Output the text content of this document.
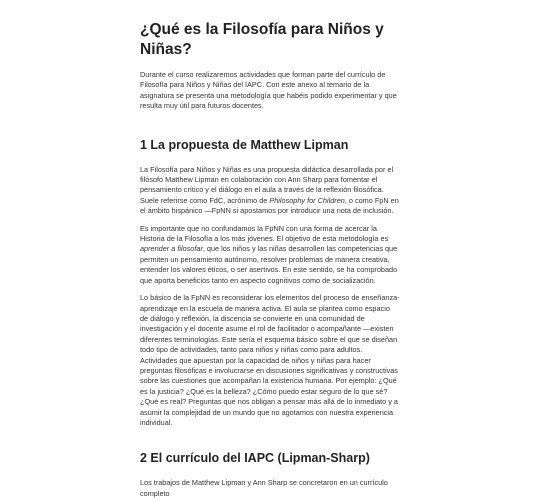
¿Qué es la Filosofía para Niños y Niñas?

Durante el curso realizaremos actividades que forman parte del currículo de Filosofía para Niños y Niñas del IAPC. Con este anexo al temario de la asignatura se presenta una metodología que habéis podido experimentar y que resulta muy útil para futuros docentes.

1 La propuesta de Matthew Lipman

La Filosofía para Niños y Niñas es una propuesta didáctica desarrollada por el filósofo Matthew Lipman en colaboración con Ann Sharp para fomentar el pensamiento crítico y el diálogo en el aula a través de la reflexión filosófica. Suele referirse como FdC, acrónimo de Philosophy for Children, o como FpN en el ámbito hispánico —FpNN si apostamos por introducir una nota de inclusión.

Es importante que no confundamos la FpNN con una forma de acercar la Historia de la Filosofía a los más jóvenes. El objetivo de esta metodología es aprender a filosofar, que los niños y las niñas desarrollen las competencias que permiten un pensamiento autónomo, resolver problemas de manera creativa, entender los valores éticos, o ser asertivos. En este sentido, se ha comprobado que aporta beneficios tanto en aspecto cognitivos como de socialización.

Lo básico de la FpNN es reconsiderar los elementos del proceso de enseñanza-aprendizaje en la escuela de manera activa. El aula se plantea como espacio de diálogo y reflexión, la discencia se convierte en una comunidad de investigación y el docente asume el rol de facilitador o acompañante —existen diferentes terminologías. Este sería el esquema básico sobre el que se diseñan todo tipo de actividades, tanto para niños y niñas como para adultos. Actividades que apuestan por la capacidad de niños y niñas para hacer preguntas filosóficas e involucrarse en discusiones significativas y constructivas sobre las cuestiones que acompañan la existencia humana. Por ejemplo: ¿Qué es la justicia? ¿Qué es la belleza? ¿Cómo puedo estar seguro de lo que sé? ¿Qué es real? Preguntas que nos obligan a pensar más allá de lo inmediato y a asumir la complejidad de un mundo que no agotamos con nuestra experiencia individual.

2 El currículo del IAPC (Lipman-Sharp)

Los trabajos de Matthew Lipman y Ann Sharp se concretaron en un currículo completo
